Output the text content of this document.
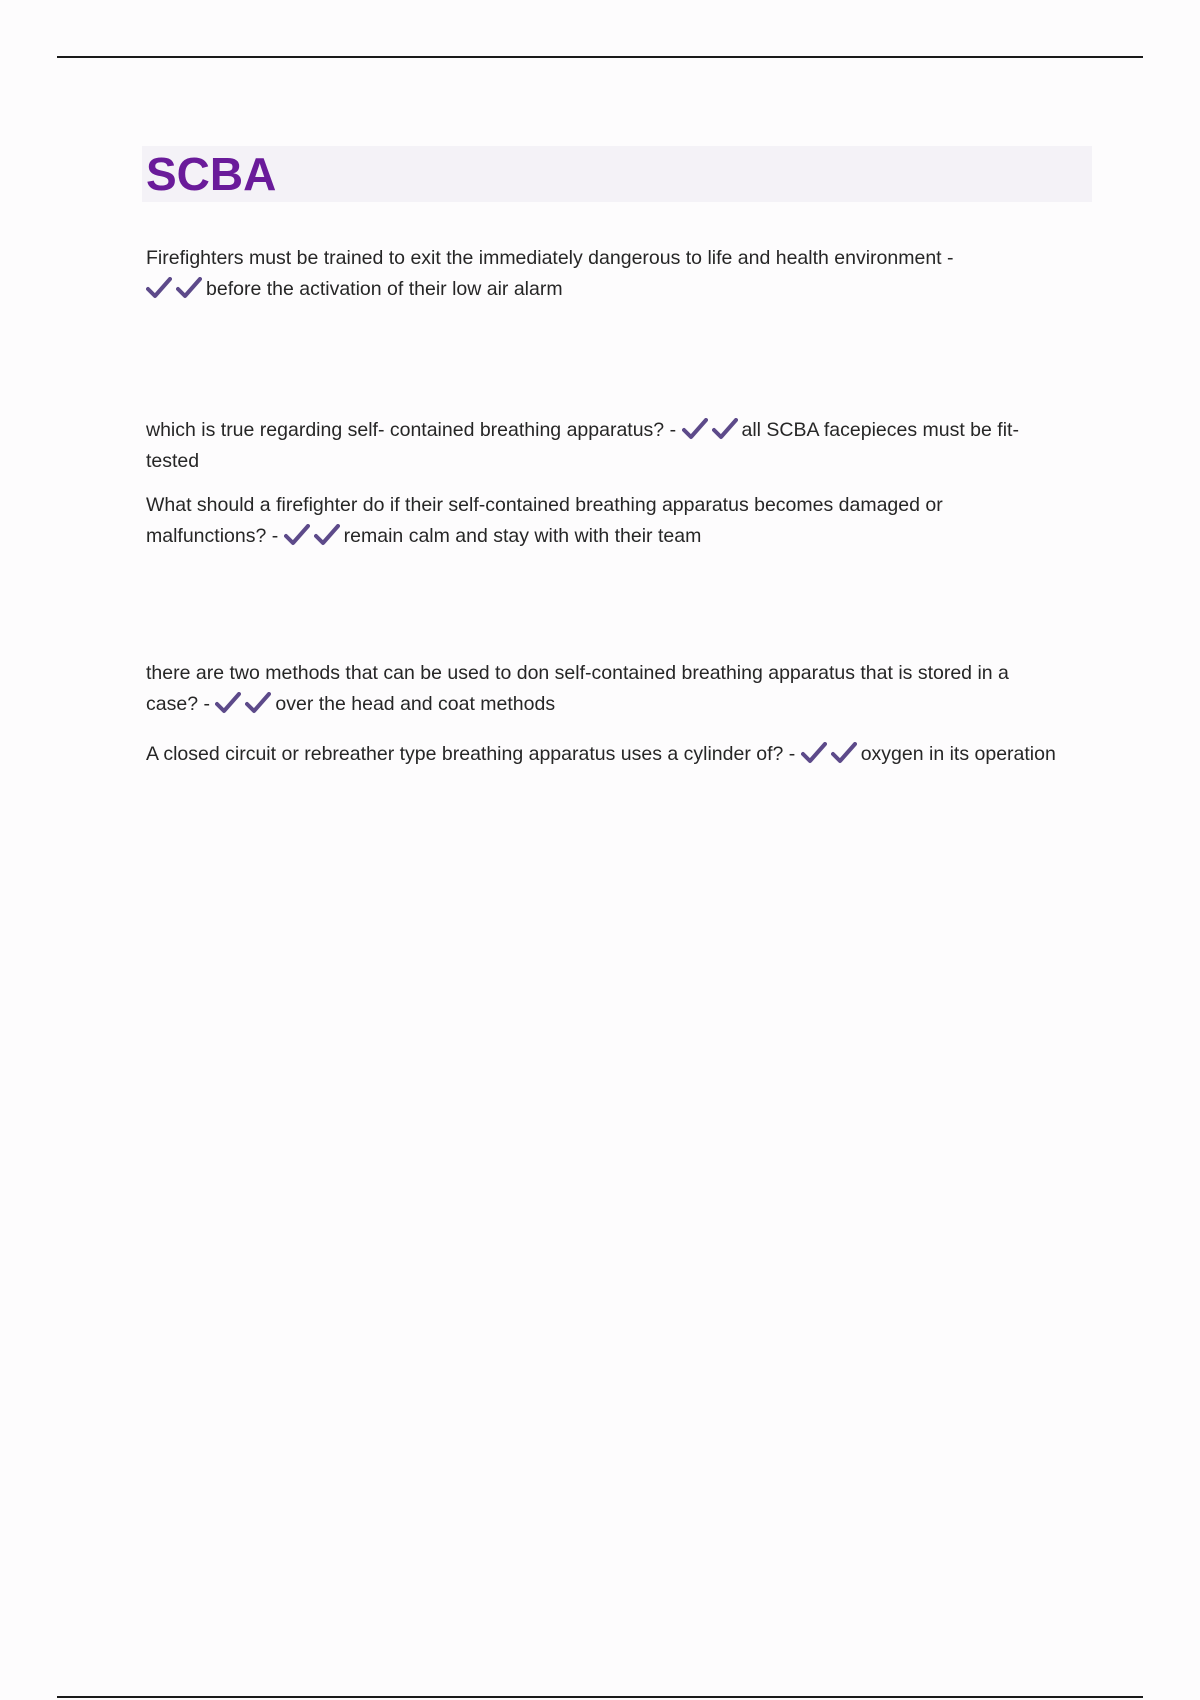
SCBA

Firefighters must be trained to exit the immediately dangerous to life and health environment -

before the activation of their low air alarm

which is true regarding self- contained breathing apparatus? -	all SCBA facepieces must be fit-tested

What should a firefighter do if their self-contained breathing apparatus becomes damaged or malfunctions? -	remain calm and stay with with their team

there are two methods that can be used to don self-contained breathing apparatus that is stored in a case? -	over the head and coat methods

A closed circuit or rebreather type breathing apparatus uses a cylinder of? -	oxygen in its operation
